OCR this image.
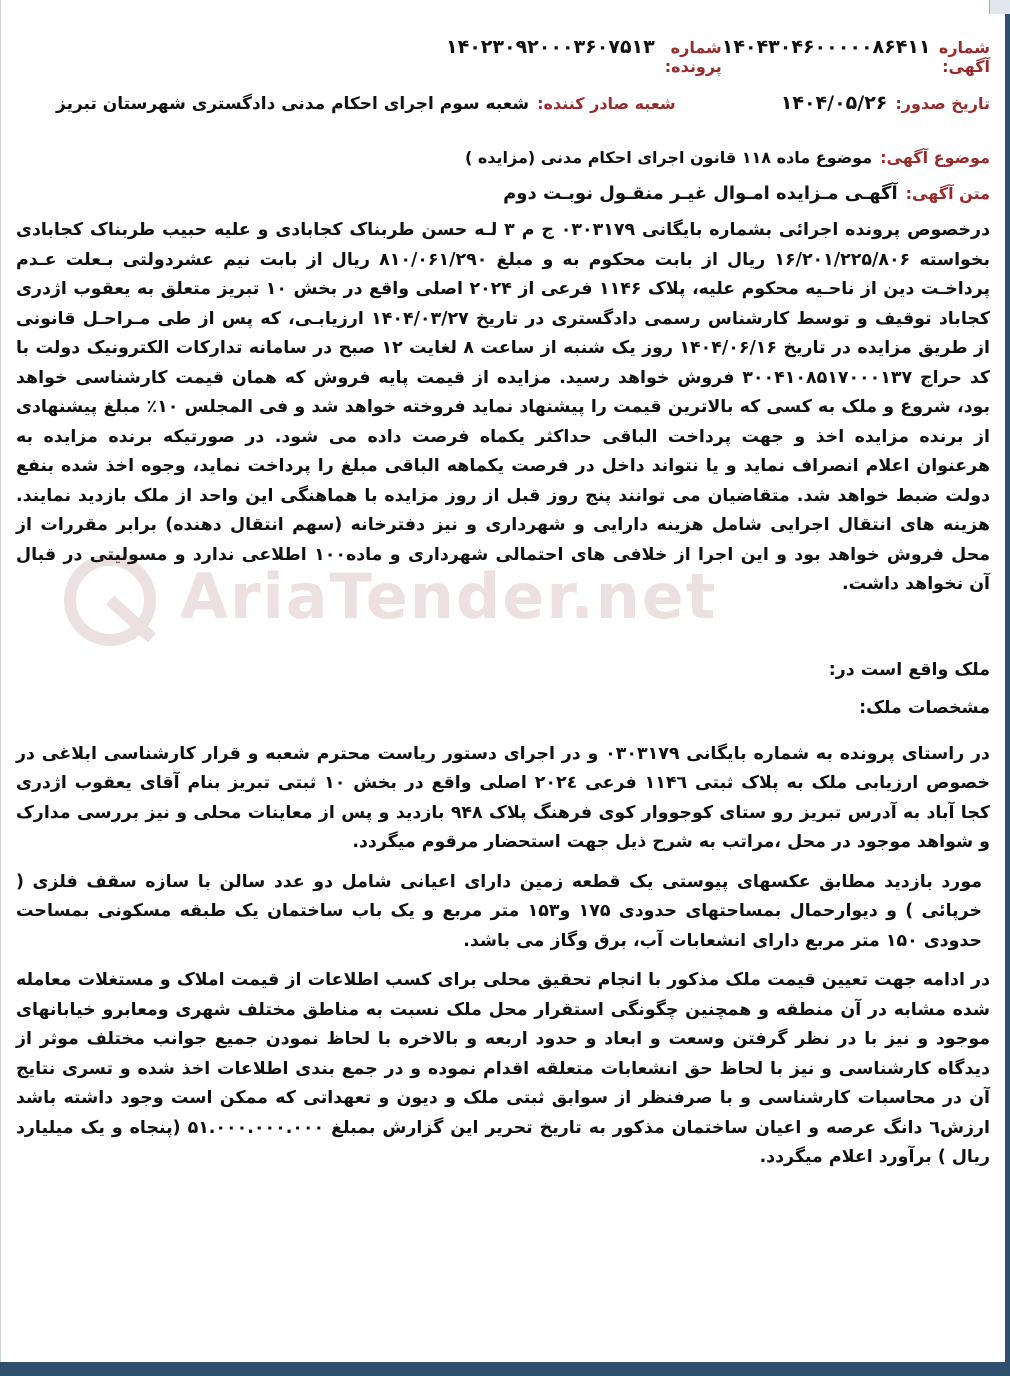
شماره آگهی:
۱۴۰۴۳۰۴۶۰۰۰۰۰۸۶۴۱۱
شماره پرونده:
۱۴۰۲۳۰۹۲۰۰۰۳۶۰۷۵۱۳
تاریخ صدور:
۱۴۰۴/۰۵/۲۶
شعبه صادر کننده:
شعبه سوم اجرای احکام مدنی دادگستری شهرستان تبریز
موضوع آگهی:
موضوع ماده ۱۱۸ قانون اجرای احکام مدنی (مزایده )
متن آگهی:
آگهـی مـزایده امـوال غیـر منقـول نوبـت دوم

درخصوص پرونده اجرائی بشماره بایگانی ۰۳۰۳۱۷۹ ج م ۳ لـه حسن طربناک کجابادی و علیه حبیب طربناک کجابادی بخواسته ۱۶/۲۰۱/۲۲۵/۸۰۶ ریال از بابت محکوم به و مبلغ ۸۱۰/۰۶۱/۲۹۰ ریال از بابت نیم عشردولتی بـعلت عـدم پرداخـت دین از ناحـیه محکوم علیه، پلاک ۱۱۴۶ فرعی از ۲۰۲۴ اصلی واقع در بخش ۱۰ تبریز متعلق به یعقوب اژدری کجاباد توقیف و توسط کارشناس رسمی دادگستری در تاریخ ۱۴۰۴/۰۳/۲۷ ارزیابـی، که پس از طی مـراحـل قانونی از طریق مزایده در تاریخ ۱۴۰۴/۰۶/۱۶ روز یک شنبه از ساعت ۸ لغایت ۱۲ صبح در سامانه تدارکات الکترونیک دولت با کد حراج ۳۰۰۴۱۰۸۵۱۷۰۰۰۱۳۷ فروش خواهد رسید. مزایده از قیمت پایه فروش که همان قیمت کارشناسی خواهد بود، شروع و ملک به کسی که بالاترین قیمت را پیشنهاد نماید فروخته خواهد شد و فی المجلس ۱۰٪ مبلغ پیشنهادی از برنده مزایده اخذ و جهت پرداخت الباقی حداکثر یکماه فرصت داده می شود. در صورتیکه برنده مزایده به هرعنوان اعلام انصراف نماید و یا نتواند داخل در فرصت یکماهه الباقی مبلغ را پرداخت نماید، وجوه اخذ شده بنفع دولت ضبط خواهد شد. متقاضیان می توانند پنج روز قبل از روز مزایده با هماهنگی این واحد از ملک بازدید نمایند. هزینه های انتقال اجرایی شامل هزینه دارایی و شهرداری و نیز دفترخانه (سهم انتقال دهنده) برابر مقررات از محل فروش خواهد بود و این اجرا از خلافی های احتمالی شهرداری و ماده۱۰۰ اطلاعی ندارد و مسولیتی در قبال آن نخواهد داشت.

ملک واقع است در:
مشخصات ملک:

در راستای پرونده به شماره بایگانی ۰۳۰۳۱۷۹ و در اجرای دستور ریاست محترم شعبه و قرار کارشناسی ابلاغی در خصوص ارزیابی ملک به پلاک ثبتی ۱۱۴٦ فرعی ۲۰۲٤ اصلی واقع در بخش ۱۰ ثبتی تبریز بنام آقای یعقوب اژدری کجا آباد به آدرس تبریز رو ستای کوجووار کوی فرهنگ پلاک ۹۴۸ بازدید و پس از معاینات محلی و نیز بررسی مدارک و شواهد موجود در محل ،مراتب به شرح ذیل جهت استحضار مرقوم میگردد.

مورد بازدید مطابق عکسهای پیوستی یک قطعه زمین دارای اعیانی شامل دو عدد سالن با سازه سقف فلزی ( خرپائی ) و دیوارحمال بمساحتهای حدودی ۱۷۵ و۱۵۳ متر مربع و یک باب ساختمان یک طبقه مسکونی بمساحت حدودی ۱۵۰ متر مربع دارای انشعابات آب، برق وگاز می باشد.

در ادامه جهت تعیین قیمت ملک مذکور با انجام تحقیق محلی برای کسب اطلاعات از قیمت املاک و مستغلات معامله شده مشابه در آن منطقه و همچنین چگونگی استقرار محل ملک نسبت به مناطق مختلف شهری ومعابرو خیابانهای موجود و نیز با در نظر گرفتن وسعت و ابعاد و حدود اربعه و بالاخره با لحاظ نمودن جمیع جوانب مختلف موثر از دیدگاه کارشناسی و نیز با لحاظ حق انشعابات متعلقه اقدام نموده و در جمع بندی اطلاعات اخذ شده و تسری نتایج آن در محاسبات کارشناسی و با صرفنظر از سوابق ثبتی ملک و دیون و تعهداتی که ممکن است وجود داشته باشد ارزش٦ دانگ عرصه و اعیان ساختمان مذکور به تاریخ تحریر این گزارش بمبلغ ۵۱.۰۰۰.۰۰۰.۰۰۰ (پنجاه و یک میلیارد ریال ) برآورد اعلام میگردد.
